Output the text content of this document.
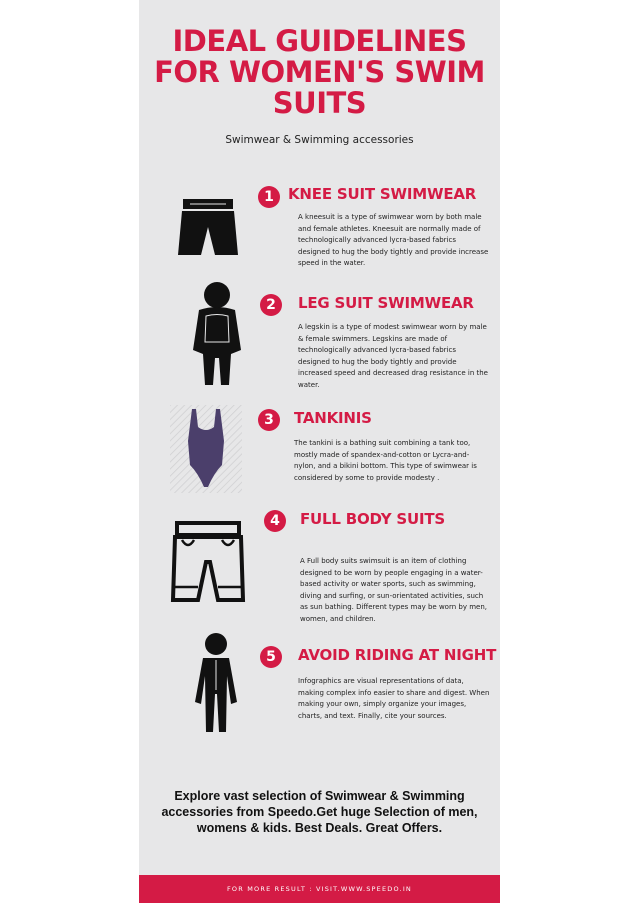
IDEAL GUIDELINES
FOR WOMEN'S SWIM
SUITS
Swimwear & Swimming accessories
1 KNEE SUIT SWIMWEAR
A kneesuit is a type of swimwear worn by both male and female athletes. Kneesuit are normally made of technologically advanced lycra-based fabrics designed to hug the body tightly and provide increase speed in the water.
2	LEG SUIT SWIMWEAR
A legskin is a type of modest swimwear worn by male & female swimmers. Legskins are made of technologically advanced lycra-based fabrics designed to hug the body tightly and provide increased speed and decreased drag resistance in the water.
3	TANKINIS
The tankini is a bathing suit combining a tank too, mostly made of spandex-and-cotton or Lycra-and-nylon, and a bikini bottom. This type of swimwear is considered by some to provide modesty .
4	FULL BODY SUITS
A Full body suits swimsuit is an item of clothing designed to be worn by people engaging in a water-based activity or water sports, such as swimming, diving and surfing, or sun-orientated activities, such as sun bathing. Different types may be worn by men, women, and children.
5	AVOID RIDING AT NIGHT
Infographics are visual representations of data, making complex info easier to share and digest. When making your own, simply organize your images, charts, and text. Finally, cite your sources.
Explore vast selection of Swimwear & Swimming accessories from Speedo.Get huge Selection of men, womens & kids. Best Deals. Great Offers.
FOR MORE RESULT : VISIT.WWW.SPEEDO.IN
